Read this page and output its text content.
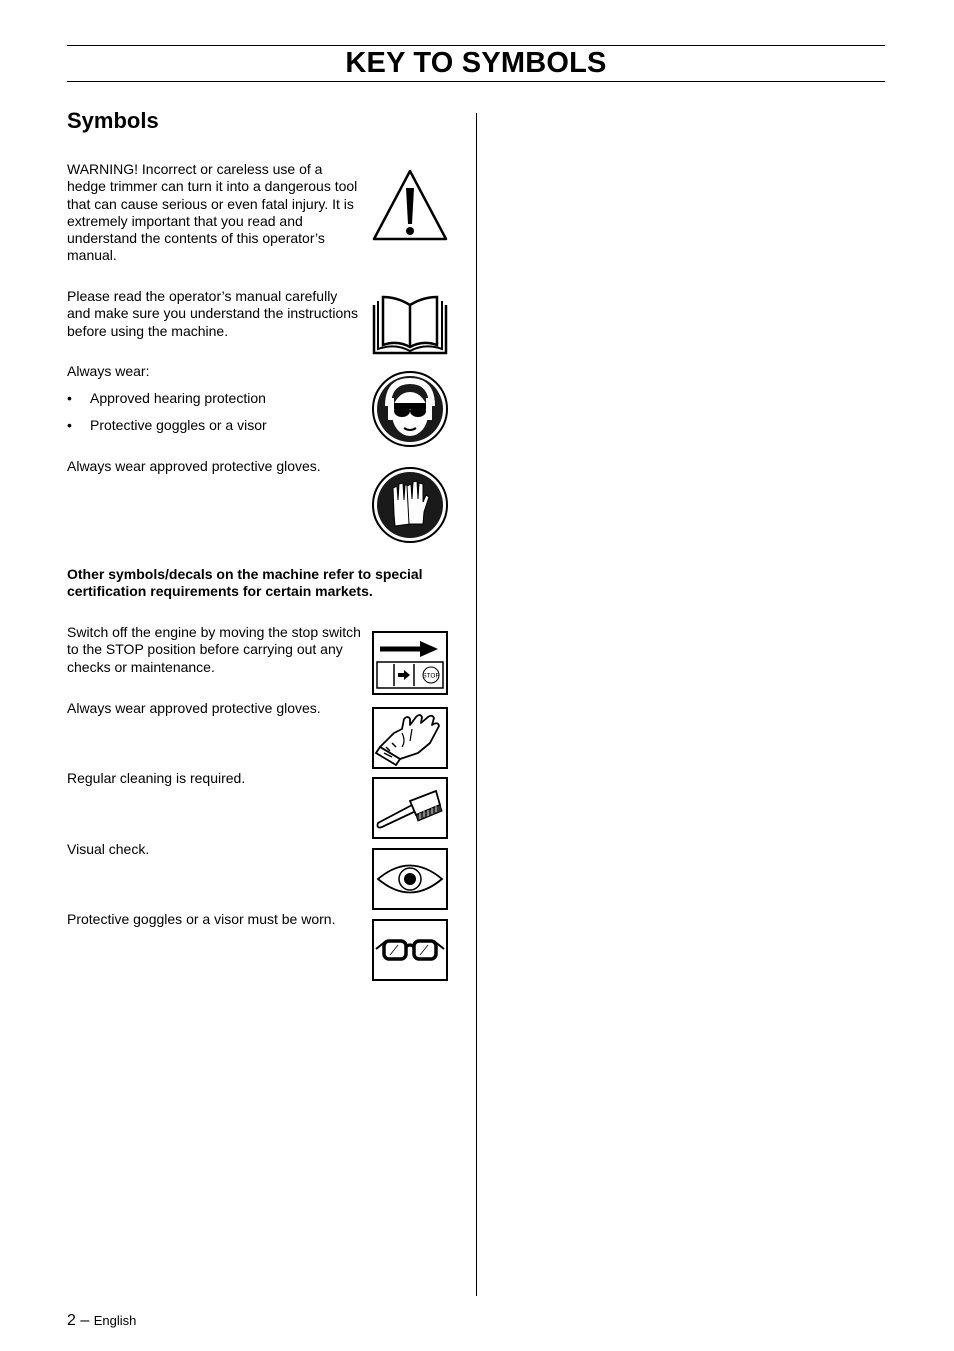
KEY TO SYMBOLS
Symbols
WARNING! Incorrect or careless use of a hedge trimmer can turn it into a dangerous tool that can cause serious or even fatal injury. It is extremely important that you read and understand the contents of this operator’s manual.
Please read the operator’s manual carefully and make sure you understand the instructions before using the machine.
Always wear:
• Approved hearing protection
• Protective goggles or a visor
Always wear approved protective gloves.
Other symbols/decals on the machine refer to special certification requirements for certain markets.
Switch off the engine by moving the stop switch to the STOP position before carrying out any checks or maintenance.
Always wear approved protective gloves.
Regular cleaning is required.
Visual check.
Protective goggles or a visor must be worn.
STOP
2 – English
